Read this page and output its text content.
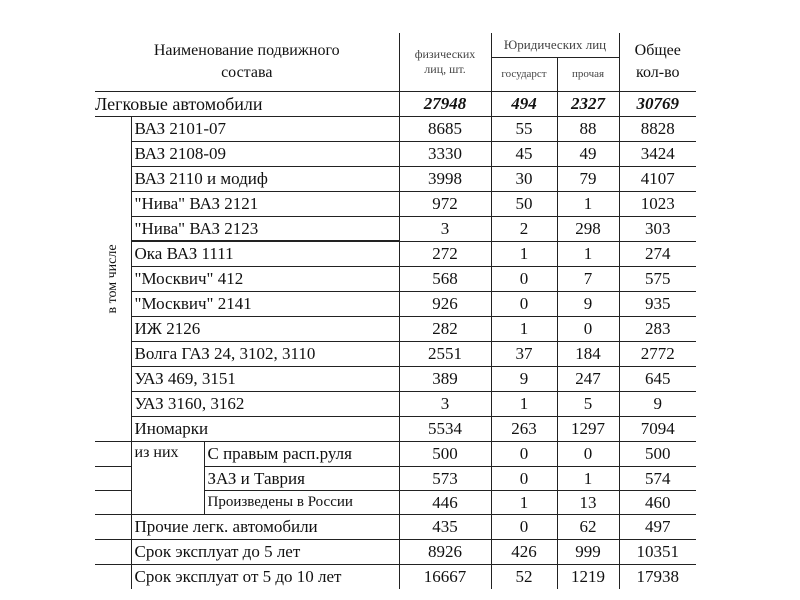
Наименование подвижного состава			физических лиц, шт.	Юридических лиц		Общее кол-во
				государст	прочая	
Легковые автомобили			27948	494	2327	30769

в том числе	ВАЗ 2101-07		8685	55	88	8828
	ВАЗ 2108-09		3330	45	49	3424
	ВАЗ 2110 и модиф		3998	30	79	4107
	"Нива" ВАЗ 2121		972	50	1	1023
	"Нива" ВАЗ 2123		3	2	298	303
	Ока ВАЗ 1111		272	1	1	274
	"Москвич" 412		568	0	7	575
	"Москвич" 2141		926	0	9	935
	ИЖ 2126		282	1	0	283
	Волга ГАЗ 24, 3102, 3110		2551	37	184	2772
	УАЗ 469, 3151		389	9	247	645
	УАЗ 3160, 3162		3	1	5	9
	Иномарки		5534	263	1297	7094
	из них	С правым расп.руля	500	0	0	500
		ЗАЗ и Таврия	573	0	1	574
		Произведены в России	446	1	13	460
	Прочие легк. автомобили		435	0	62	497
	Срок эксплуат до 5 лет		8926	426	999	10351
	Срок эксплуат от 5 до 10 лет		16667	52	1219	17938
